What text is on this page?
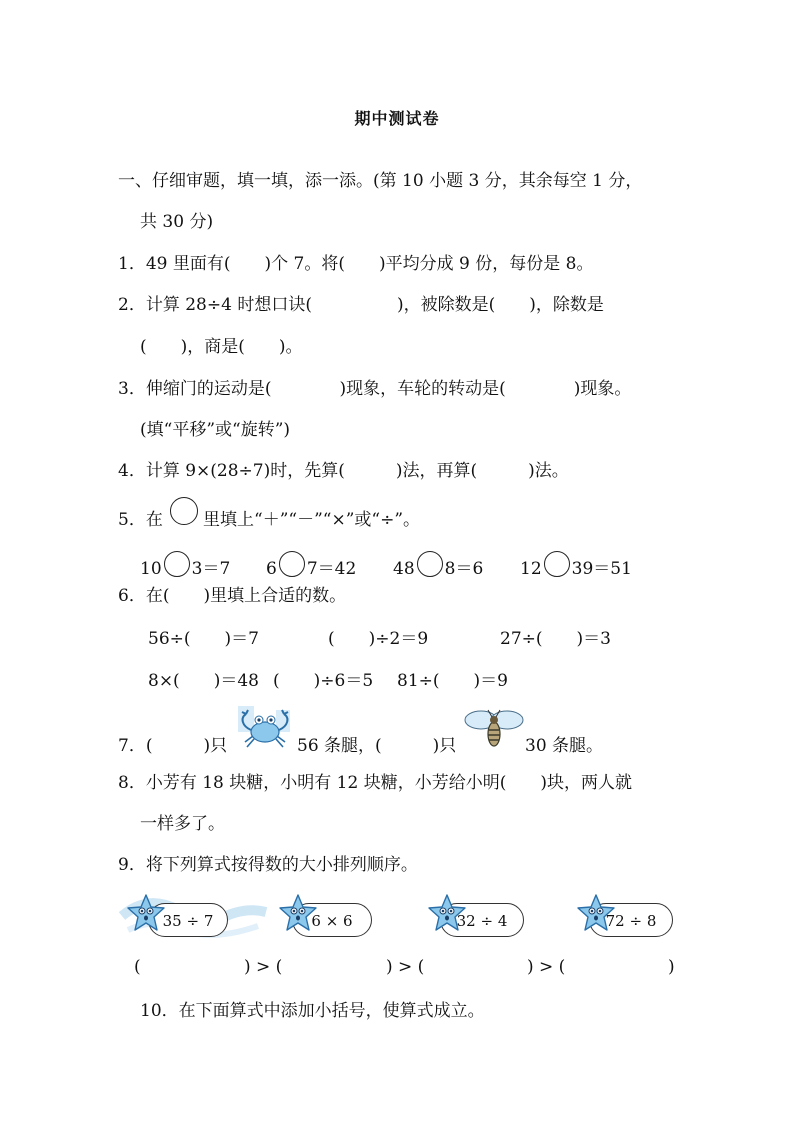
期中测试卷
一、仔细审题，填一填，添一添。(第 10 小题 3 分，其余每空 1 分，
共 30 分)
1．49 里面有(　　)个 7。将(　　)平均分成 9 份，每份是 8。
2．计算 28÷4 时想口诀(　　　　　)，被除数是(　　)，除数是
(　　)，商是(　　)。
3．伸缩门的运动是(　　　　)现象，车轮的转动是(　　　　)现象。
(填“平移”或“旋转”)
4．计算 9×(28÷7)时，先算(　　　)法，再算(　　　)法。
5．在 里填上“＋”“－”“×”或“÷”。
10 3＝7 6 7＝42 48 8＝6 12 39＝51
6．在(　　)里填上合适的数。
56÷(　　)＝7	(　　)÷2＝9	27÷(　　)＝3
8×(　　)＝48 (　　)÷6＝5 81÷(　　)＝9
7．(　　　)只	56 条腿，(　　　)只	30 条腿。
8．小芳有 18 块糖，小明有 12 块糖，小芳给小明(　　)块，两人就
一样多了。
9．将下列算式按得数的大小排列顺序。
35 ÷ 7	6 × 6	32 ÷ 4	72 ÷ 8
(	) > (	) > (	) > (	)
10．在下面算式中添加小括号，使算式成立。
